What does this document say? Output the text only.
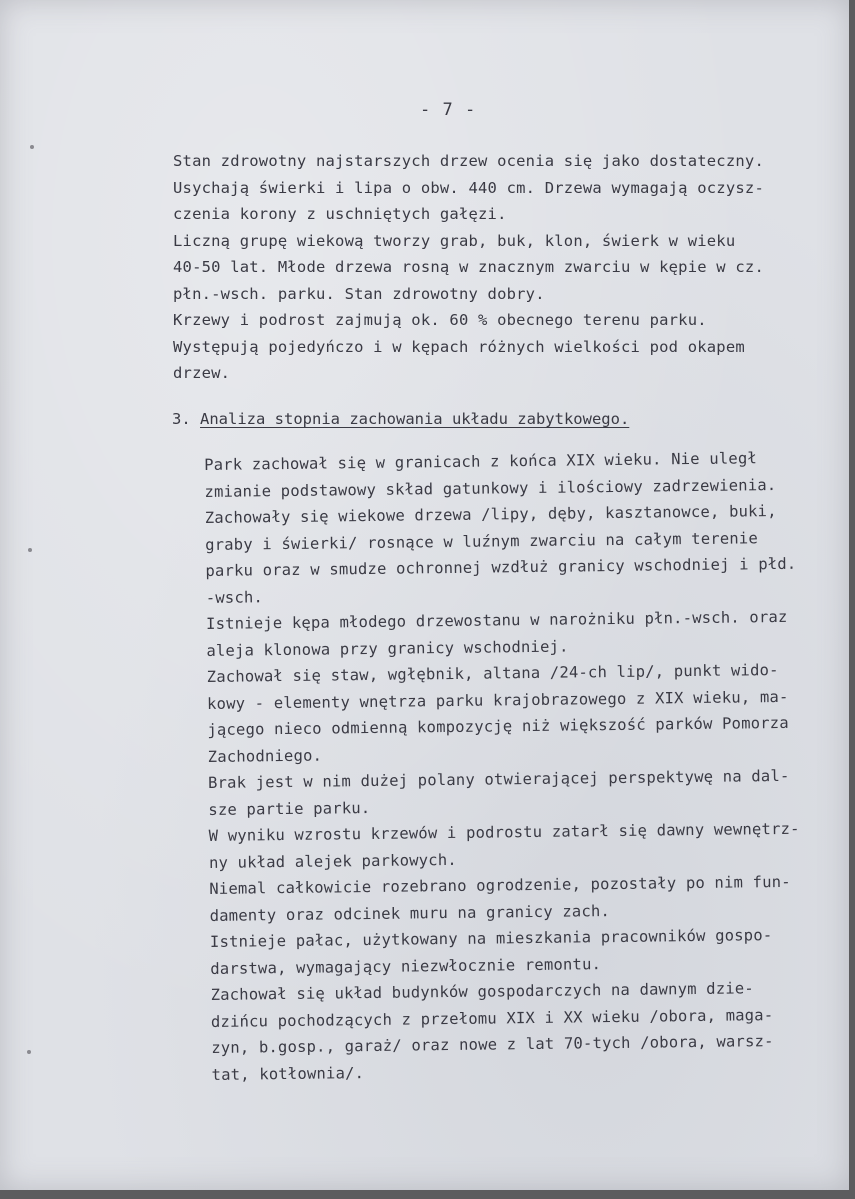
- 7 -
Stan zdrowotny najstarszych drzew ocenia się jako dostateczny.
Usychają świerki i lipa o obw. 440 cm. Drzewa wymagają oczysz-
czenia korony z uschniętych gałęzi.
Liczną grupę wiekową tworzy grab, buk, klon, świerk w wieku
40-50 lat. Młode drzewa rosną w znacznym zwarciu w kępie w cz.
płn.-wsch. parku. Stan zdrowotny dobry.
Krzewy i podrost zajmują ok. 60 % obecnego terenu parku.
Występują pojedyńczo i w kępach różnych wielkości pod okapem
drzew.
3. Analiza stopnia zachowania układu zabytkowego.
Park zachował się w granicach z końca XIX wieku. Nie uległ
zmianie podstawowy skład gatunkowy i ilościowy zadrzewienia.
Zachowały się wiekowe drzewa /lipy, dęby, kasztanowce, buki,
graby i świerki/ rosnące w luźnym zwarciu na całym terenie
parku oraz w smudze ochronnej wzdłuż granicy wschodniej i płd.
-wsch.
Istnieje kępa młodego drzewostanu w narożniku płn.-wsch. oraz
aleja klonowa przy granicy wschodniej.
Zachował się staw, wgłębnik, altana /24-ch lip/, punkt wido-
kowy - elementy wnętrza parku krajobrazowego z XIX wieku, ma-
jącego nieco odmienną kompozycję niż większość parków Pomorza
Zachodniego.
Brak jest w nim dużej polany otwierającej perspektywę na dal-
sze partie parku.
W wyniku wzrostu krzewów i podrostu zatarł się dawny wewnętrz-
ny układ alejek parkowych.
Niemal całkowicie rozebrano ogrodzenie, pozostały po nim fun-
damenty oraz odcinek muru na granicy zach.
Istnieje pałac, użytkowany na mieszkania pracowników gospo-
darstwa, wymagający niezwłocznie remontu.
Zachował się układ budynków gospodarczych na dawnym dzie-
dzińcu pochodzących z przełomu XIX i XX wieku /obora, maga-
zyn, b.gosp., garaż/ oraz nowe z lat 70-tych /obora, warsz-
tat, kotłownia/.
